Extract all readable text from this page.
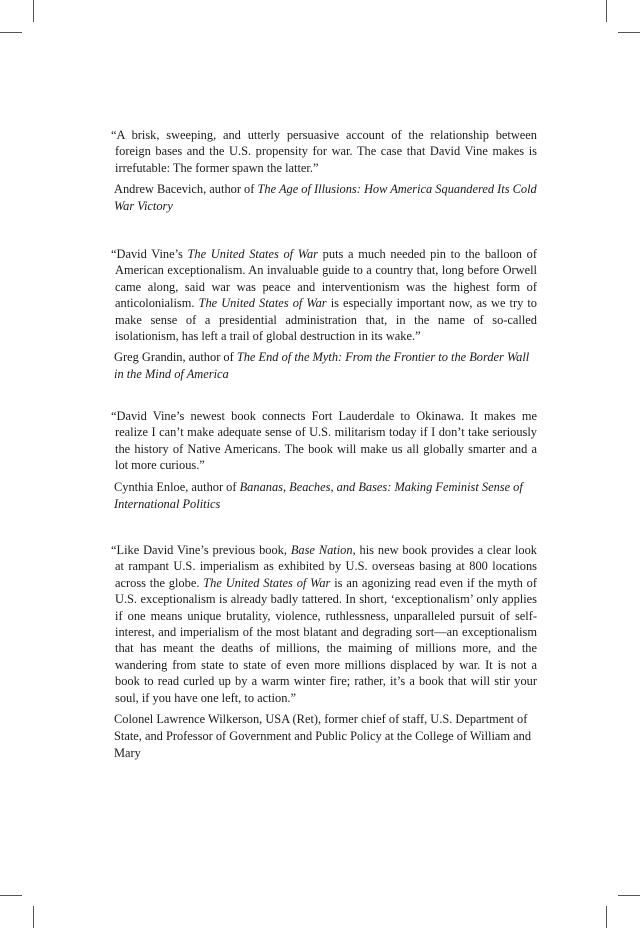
“A brisk, sweeping, and utterly persuasive account of the relationship between foreign bases and the U.S. propensity for war. The case that David Vine makes is irrefutable: The former spawn the latter.”

Andrew Bacevich, author of The Age of Illusions: How America Squandered Its Cold War Victory

“David Vine’s The United States of War puts a much needed pin to the balloon of American exceptionalism. An invaluable guide to a country that, long before Orwell came along, said war was peace and interventionism was the highest form of anticolonialism. The United States of War is especially important now, as we try to make sense of a presidential administration that, in the name of so-called isolationism, has left a trail of global destruction in its wake.”

Greg Grandin, author of The End of the Myth: From the Frontier to the Border Wall in the Mind of America

“David Vine’s newest book connects Fort Lauderdale to Okinawa. It makes me realize I can’t make adequate sense of U.S. militarism today if I don’t take seriously the history of Native Americans. The book will make us all globally smarter and a lot more curious.”

Cynthia Enloe, author of Bananas, Beaches, and Bases: Making Feminist Sense of International Politics

“Like David Vine’s previous book, Base Nation, his new book provides a clear look at rampant U.S. imperialism as exhibited by U.S. overseas basing at 800 locations across the globe. The United States of War is an agonizing read even if the myth of U.S. exceptionalism is already badly tattered. In short, ‘exceptionalism’ only applies if one means unique brutality, violence, ruthlessness, unparalleled pursuit of self-interest, and imperialism of the most blatant and degrading sort—an exceptionalism that has meant the deaths of millions, the maiming of millions more, and the wandering from state to state of even more millions displaced by war. It is not a book to read curled up by a warm winter fire; rather, it’s a book that will stir your soul, if you have one left, to action.”

Colonel Lawrence Wilkerson, USA (Ret), former chief of staff, U.S. Department of State, and Professor of Government and Public Policy at the College of William and Mary
